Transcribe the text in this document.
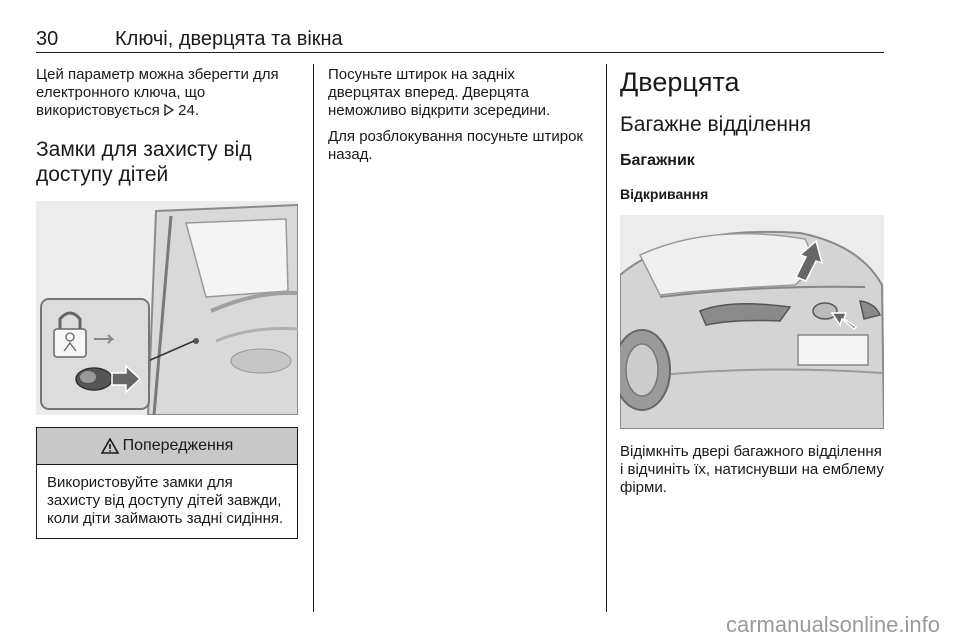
30	Ключі, дверцята та вікна

Цей параметр можна зберегти для електронного ключа, що використовується 24.

Замки для захисту від доступу дітей
Попередження

Використовуйте замки для захисту від доступу дітей завжди, коли діти займають задні сидіння.

Посуньте штирок на задніх дверцятах вперед. Дверцята неможливо відкрити зсередини.

Для розблокування посуньте штирок назад.

Дверцята
Багажне відділення
Багажник
Відкривання

Відімкніть двері багажного відділення і відчиніть їх, натиснувши на емблему фірми.

carmanualsonline.info
